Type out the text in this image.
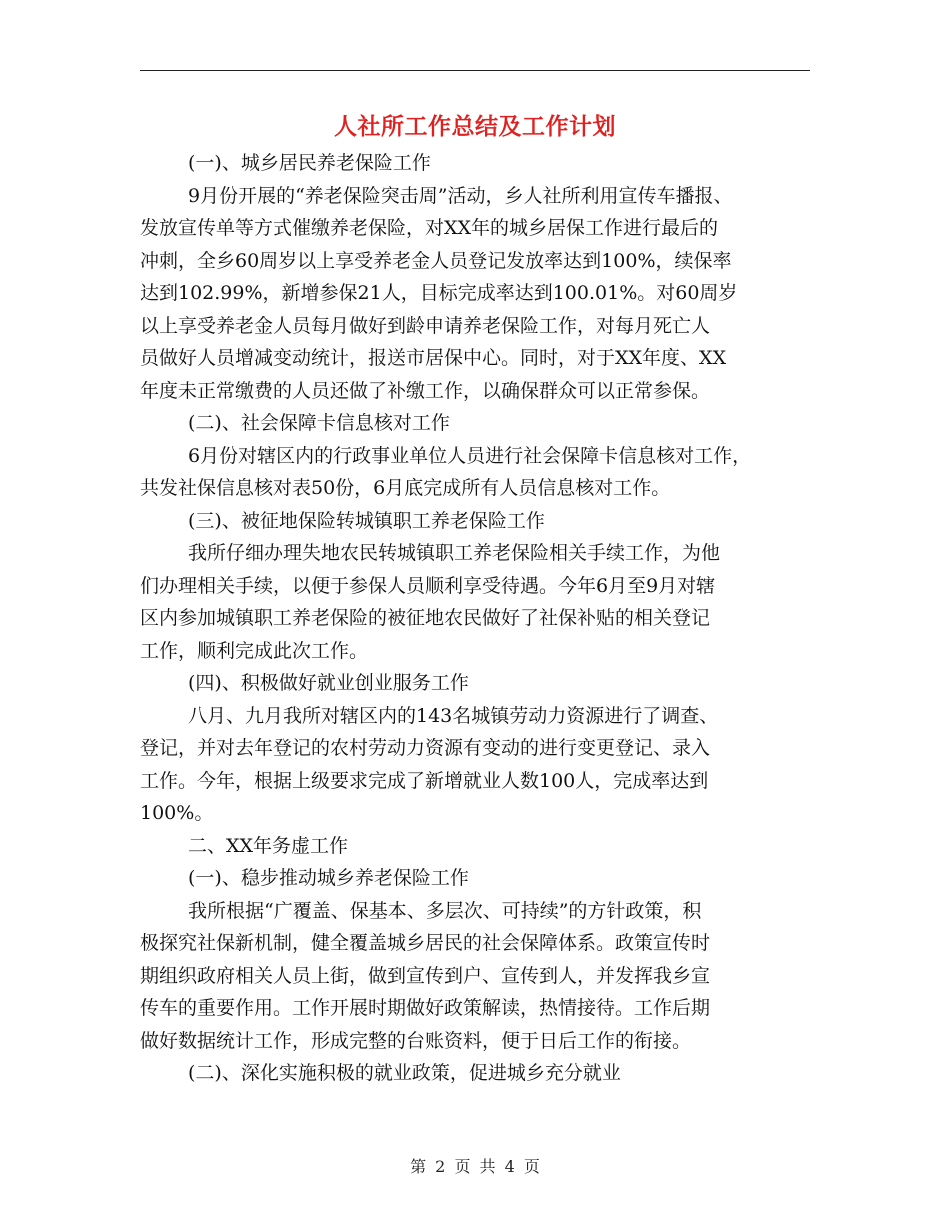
人社所工作总结及工作计划
(一)、城乡居民养老保险工作
9月份开展的“养老保险突击周”活动，乡人社所利用宣传车播报、
发放宣传单等方式催缴养老保险，对XX年的城乡居保工作进行最后的
冲刺，全乡60周岁以上享受养老金人员登记发放率达到100%，续保率
达到102.99%，新增参保21人，目标完成率达到100.01%。对60周岁
以上享受养老金人员每月做好到龄申请养老保险工作，对每月死亡人
员做好人员增减变动统计，报送市居保中心。同时，对于XX年度、XX
年度未正常缴费的人员还做了补缴工作，以确保群众可以正常参保。
(二)、社会保障卡信息核对工作
6月份对辖区内的行政事业单位人员进行社会保障卡信息核对工作，
共发社保信息核对表50份，6月底完成所有人员信息核对工作。
(三)、被征地保险转城镇职工养老保险工作
我所仔细办理失地农民转城镇职工养老保险相关手续工作，为他
们办理相关手续，以便于参保人员顺利享受待遇。今年6月至9月对辖
区内参加城镇职工养老保险的被征地农民做好了社保补贴的相关登记
工作，顺利完成此次工作。
(四)、积极做好就业创业服务工作
八月、九月我所对辖区内的143名城镇劳动力资源进行了调查、
登记，并对去年登记的农村劳动力资源有变动的进行变更登记、录入
工作。今年，根据上级要求完成了新增就业人数100人，完成率达到
100%。
二、XX年务虚工作
(一)、稳步推动城乡养老保险工作
我所根据“广覆盖、保基本、多层次、可持续”的方针政策，积
极探究社保新机制，健全覆盖城乡居民的社会保障体系。政策宣传时
期组织政府相关人员上街，做到宣传到户、宣传到人，并发挥我乡宣
传车的重要作用。工作开展时期做好政策解读，热情接待。工作后期
做好数据统计工作，形成完整的台账资料，便于日后工作的衔接。
(二)、深化实施积极的就业政策，促进城乡充分就业
第 2 页 共 4 页
